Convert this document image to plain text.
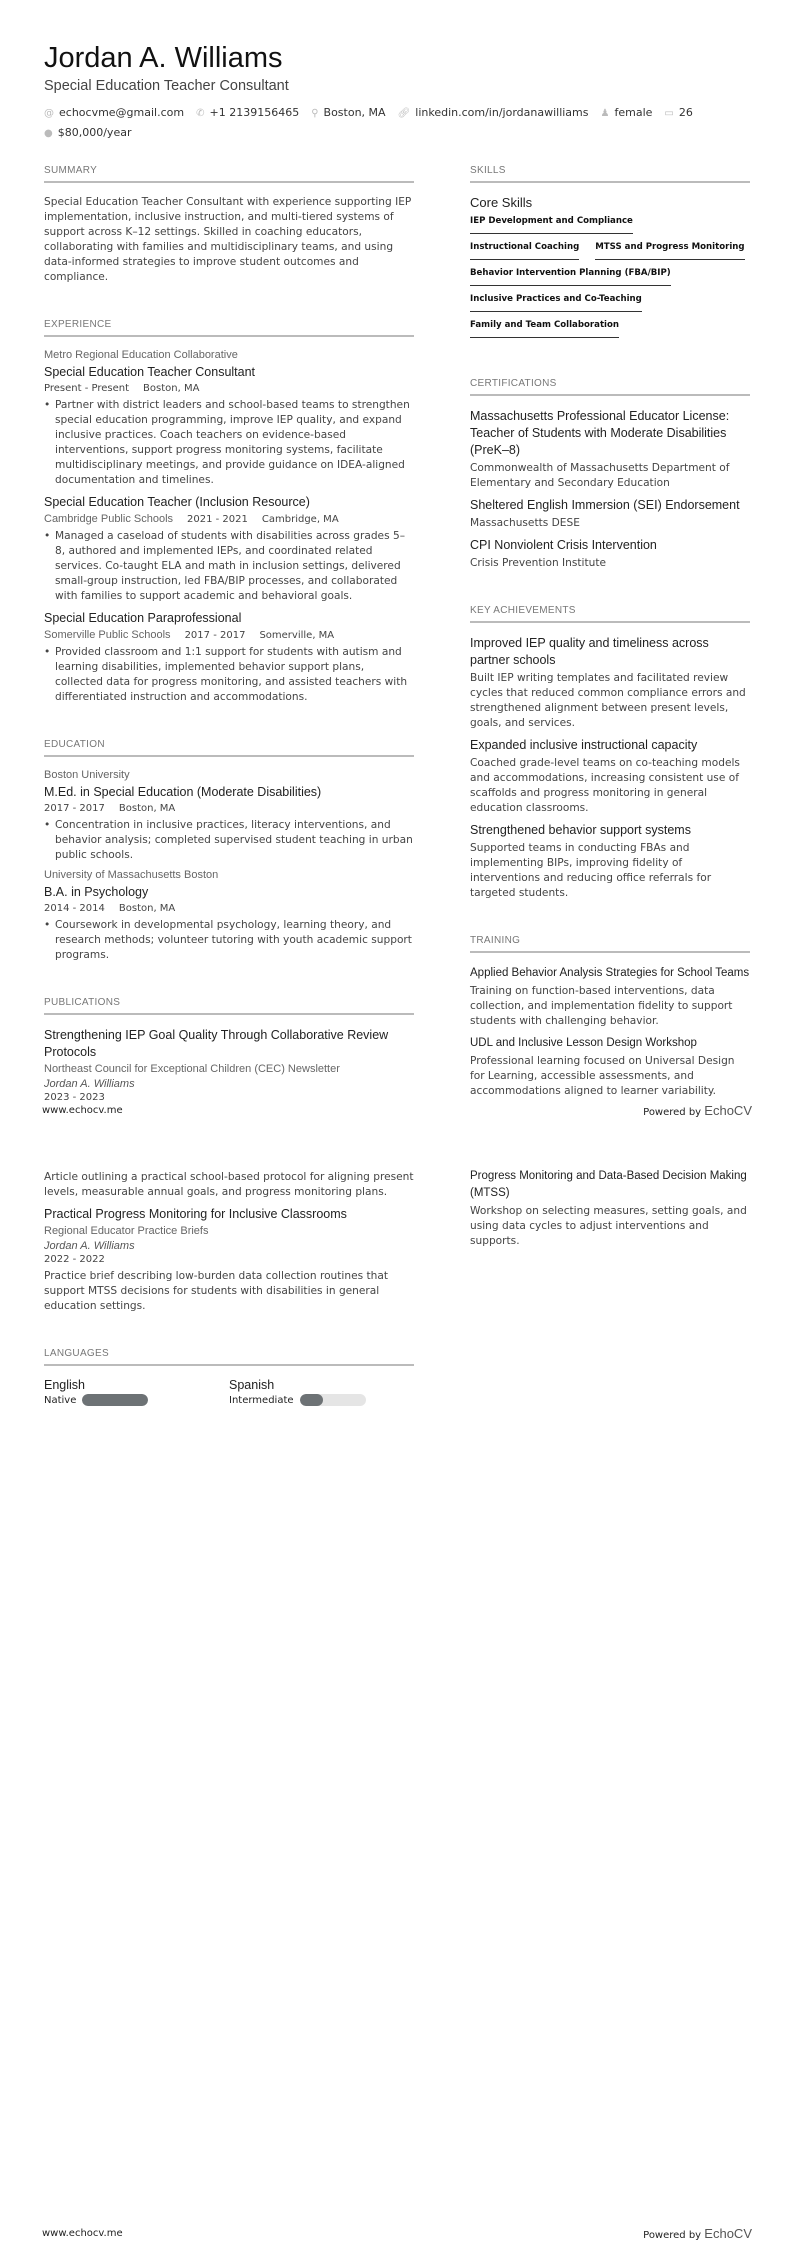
Jordan A. Williams
Special Education Teacher Consultant
@ echocvme@gmail.com ✆ +1 2139156465 ⚲ Boston, MA 🔗︎ linkedin.com/in/jordanawilliams ♟ female ▭ 26
● $80,000/year
SUMMARY
Special Education Teacher Consultant with experience supporting IEP implementation, inclusive instruction, and multi-tiered systems of support across K–12 settings. Skilled in coaching educators, collaborating with families and multidisciplinary teams, and using data-informed strategies to improve student outcomes and compliance.
EXPERIENCE
Metro Regional Education Collaborative
Special Education Teacher Consultant
Present - Present Boston, MA
• Partner with district leaders and school-based teams to strengthen special education programming, improve IEP quality, and expand inclusive practices. Coach teachers on evidence-based interventions, support progress monitoring systems, facilitate multidisciplinary meetings, and provide guidance on IDEA-aligned documentation and timelines.
Special Education Teacher (Inclusion Resource)
Cambridge Public Schools 2021 - 2021 Cambridge, MA
• Managed a caseload of students with disabilities across grades 5–8, authored and implemented IEPs, and coordinated related services. Co-taught ELA and math in inclusion settings, delivered small-group instruction, led FBA/BIP processes, and collaborated with families to support academic and behavioral goals.
Special Education Paraprofessional
Somerville Public Schools 2017 - 2017 Somerville, MA
• Provided classroom and 1:1 support for students with autism and learning disabilities, implemented behavior support plans, collected data for progress monitoring, and assisted teachers with differentiated instruction and accommodations.
EDUCATION
Boston University
M.Ed. in Special Education (Moderate Disabilities)
2017 - 2017 Boston, MA
• Concentration in inclusive practices, literacy interventions, and behavior analysis; completed supervised student teaching in urban public schools.
University of Massachusetts Boston
B.A. in Psychology
2014 - 2014 Boston, MA
• Coursework in developmental psychology, learning theory, and research methods; volunteer tutoring with youth academic support programs.
PUBLICATIONS
Strengthening IEP Goal Quality Through Collaborative Review Protocols
Northeast Council for Exceptional Children (CEC) Newsletter
Jordan A. Williams
2023 - 2023
SKILLS
Core Skills
IEP Development and Compliance
Instructional Coaching MTSS and Progress Monitoring
Behavior Intervention Planning (FBA/BIP)
Inclusive Practices and Co-Teaching
Family and Team Collaboration
CERTIFICATIONS
Massachusetts Professional Educator License: Teacher of Students with Moderate Disabilities (PreK–8)
Commonwealth of Massachusetts Department of Elementary and Secondary Education
Sheltered English Immersion (SEI) Endorsement
Massachusetts DESE
CPI Nonviolent Crisis Intervention
Crisis Prevention Institute
KEY ACHIEVEMENTS
Improved IEP quality and timeliness across partner schools
Built IEP writing templates and facilitated review cycles that reduced common compliance errors and strengthened alignment between present levels, goals, and services.
Expanded inclusive instructional capacity
Coached grade-level teams on co-teaching models and accommodations, increasing consistent use of scaffolds and progress monitoring in general education classrooms.
Strengthened behavior support systems
Supported teams in conducting FBAs and implementing BIPs, improving fidelity of interventions and reducing office referrals for targeted students.
TRAINING
Applied Behavior Analysis Strategies for School Teams
Training on function-based interventions, data collection, and implementation fidelity to support students with challenging behavior.
UDL and Inclusive Lesson Design Workshop
Professional learning focused on Universal Design for Learning, accessible assessments, and accommodations aligned to learner variability.
www.echocv.me	Powered by EchoCV
Article outlining a practical school-based protocol for aligning present levels, measurable annual goals, and progress monitoring plans.
Practical Progress Monitoring for Inclusive Classrooms
Regional Educator Practice Briefs
Jordan A. Williams
2022 - 2022
Practice brief describing low-burden data collection routines that support MTSS decisions for students with disabilities in general education settings.
LANGUAGES
English
Native
Spanish
Intermediate
Progress Monitoring and Data-Based Decision Making (MTSS)
Workshop on selecting measures, setting goals, and using data cycles to adjust interventions and supports.
www.echocv.me	Powered by EchoCV
